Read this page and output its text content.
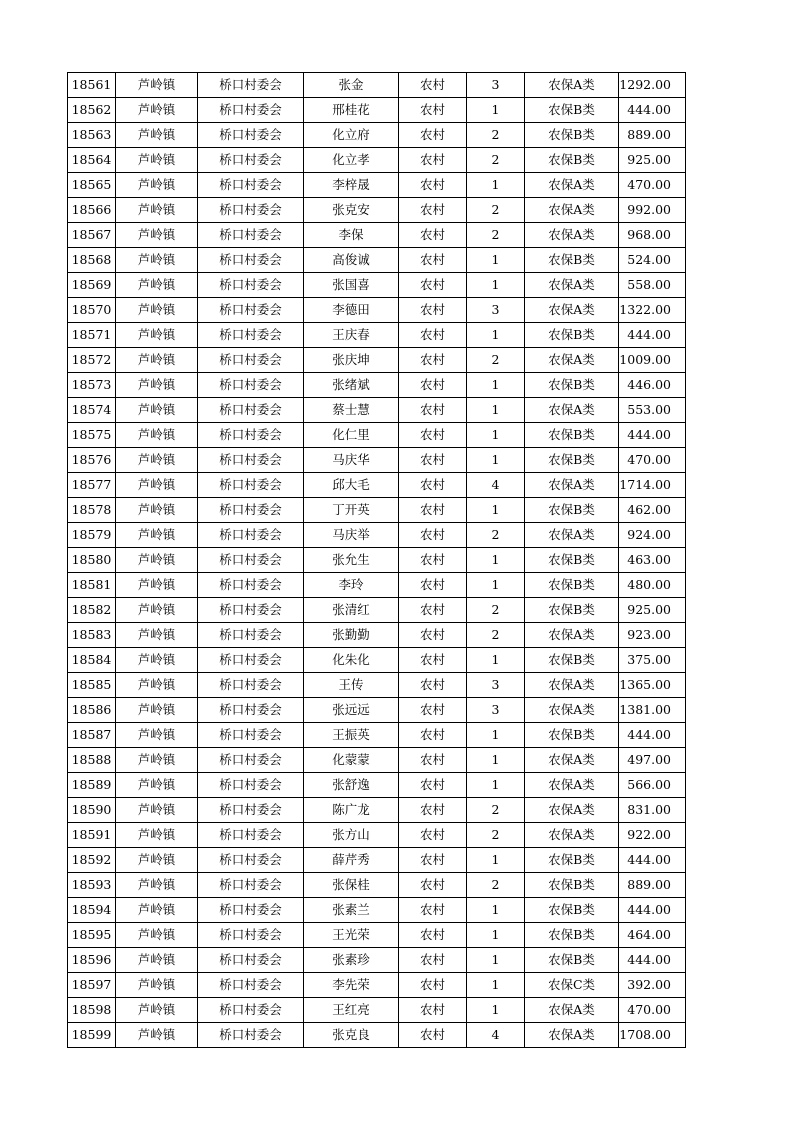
18561	芦岭镇	桥口村委会	张金	农村	3	农保A类	1292.00
18562	芦岭镇	桥口村委会	邢桂花	农村	1	农保B类	444.00
18563	芦岭镇	桥口村委会	化立府	农村	2	农保B类	889.00
18564	芦岭镇	桥口村委会	化立孝	农村	2	农保B类	925.00
18565	芦岭镇	桥口村委会	李梓晟	农村	1	农保A类	470.00
18566	芦岭镇	桥口村委会	张克安	农村	2	农保A类	992.00
18567	芦岭镇	桥口村委会	李保	农村	2	农保A类	968.00
18568	芦岭镇	桥口村委会	高俊诚	农村	1	农保B类	524.00
18569	芦岭镇	桥口村委会	张国喜	农村	1	农保A类	558.00
18570	芦岭镇	桥口村委会	李德田	农村	3	农保A类	1322.00
18571	芦岭镇	桥口村委会	王庆春	农村	1	农保B类	444.00
18572	芦岭镇	桥口村委会	张庆坤	农村	2	农保A类	1009.00
18573	芦岭镇	桥口村委会	张绪斌	农村	1	农保B类	446.00
18574	芦岭镇	桥口村委会	蔡士慧	农村	1	农保A类	553.00
18575	芦岭镇	桥口村委会	化仁里	农村	1	农保B类	444.00
18576	芦岭镇	桥口村委会	马庆华	农村	1	农保B类	470.00
18577	芦岭镇	桥口村委会	邱大毛	农村	4	农保A类	1714.00
18578	芦岭镇	桥口村委会	丁开英	农村	1	农保B类	462.00
18579	芦岭镇	桥口村委会	马庆举	农村	2	农保A类	924.00
18580	芦岭镇	桥口村委会	张允生	农村	1	农保B类	463.00
18581	芦岭镇	桥口村委会	李玲	农村	1	农保B类	480.00
18582	芦岭镇	桥口村委会	张清红	农村	2	农保B类	925.00
18583	芦岭镇	桥口村委会	张勤勤	农村	2	农保A类	923.00
18584	芦岭镇	桥口村委会	化朱化	农村	1	农保B类	375.00
18585	芦岭镇	桥口村委会	王传	农村	3	农保A类	1365.00
18586	芦岭镇	桥口村委会	张远远	农村	3	农保A类	1381.00
18587	芦岭镇	桥口村委会	王振英	农村	1	农保B类	444.00
18588	芦岭镇	桥口村委会	化蒙蒙	农村	1	农保A类	497.00
18589	芦岭镇	桥口村委会	张舒逸	农村	1	农保A类	566.00
18590	芦岭镇	桥口村委会	陈广龙	农村	2	农保A类	831.00
18591	芦岭镇	桥口村委会	张方山	农村	2	农保A类	922.00
18592	芦岭镇	桥口村委会	薛芹秀	农村	1	农保B类	444.00
18593	芦岭镇	桥口村委会	张保桂	农村	2	农保B类	889.00
18594	芦岭镇	桥口村委会	张素兰	农村	1	农保B类	444.00
18595	芦岭镇	桥口村委会	王光荣	农村	1	农保B类	464.00
18596	芦岭镇	桥口村委会	张素珍	农村	1	农保B类	444.00
18597	芦岭镇	桥口村委会	李先荣	农村	1	农保C类	392.00
18598	芦岭镇	桥口村委会	王红亮	农村	1	农保A类	470.00
18599	芦岭镇	桥口村委会	张克良	农村	4	农保A类	1708.00
